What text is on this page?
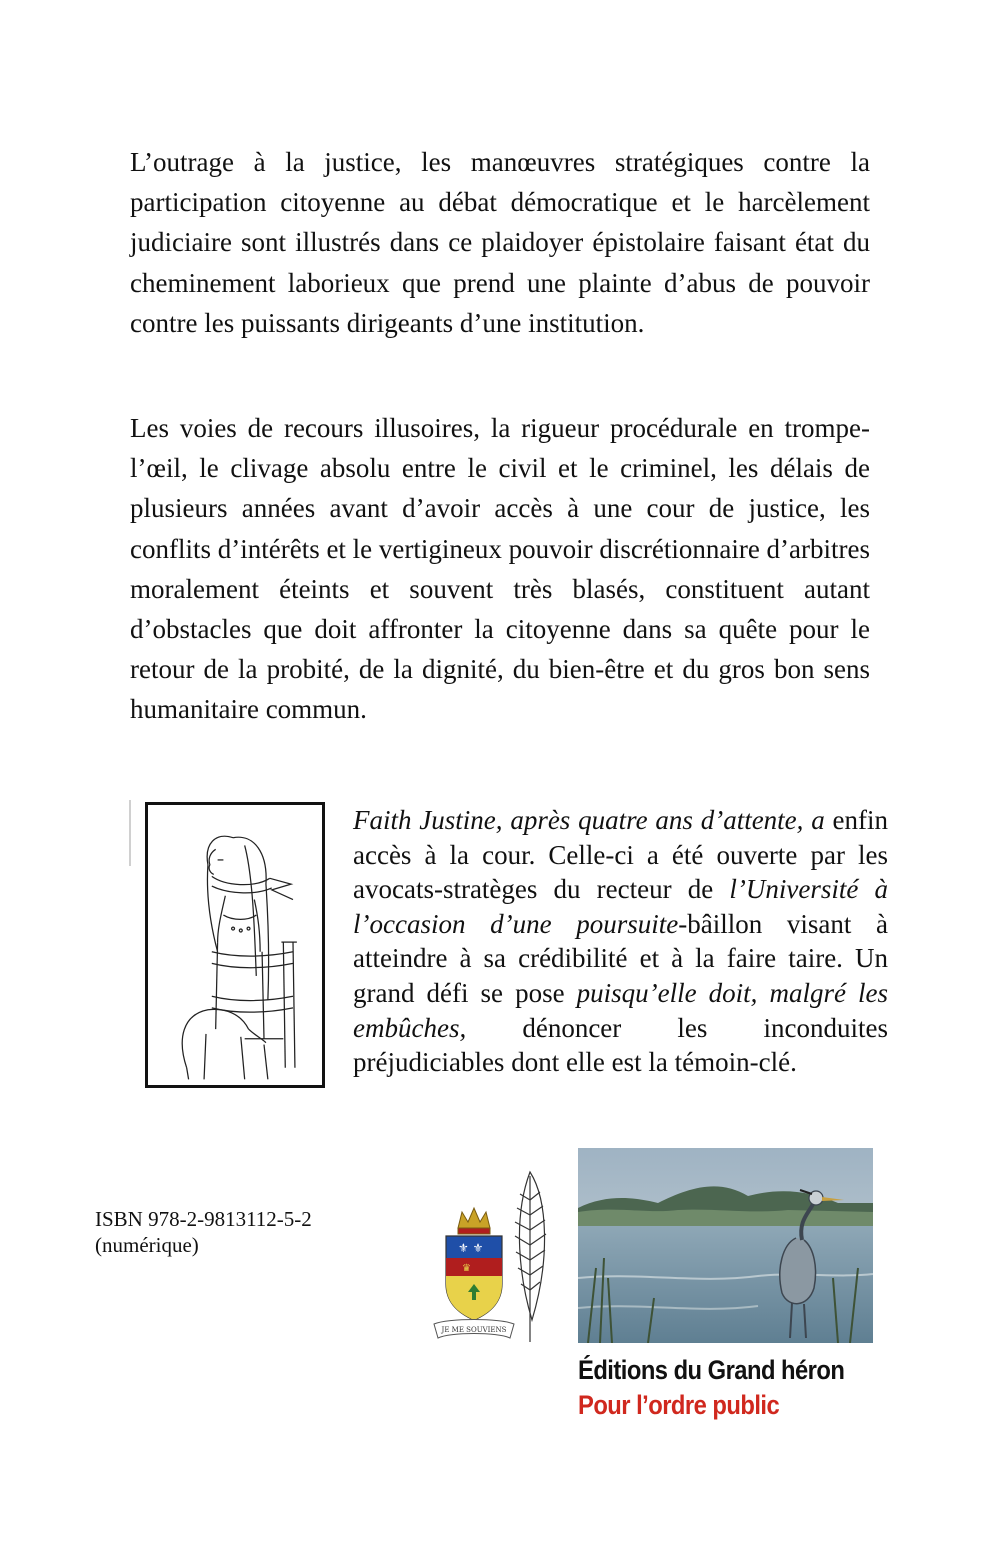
L’outrage à la justice, les manœuvres stratégiques contre la participation citoyenne au débat démocratique et le harcèlement judiciaire sont illustrés dans ce plaidoyer épistolaire faisant état du cheminement laborieux que prend une plainte d’abus de pouvoir contre les puissants dirigeants d’une institution.

Les voies de recours illusoires, la rigueur procédurale en trompe-l’œil, le clivage absolu entre le civil et le criminel, les délais de plusieurs années avant d’avoir accès à une cour de justice, les conflits d’intérêts et le vertigineux pouvoir discrétionnaire d’arbitres moralement éteints et souvent très blasés, constituent autant d’obstacles que doit affronter la citoyenne dans sa quête pour le retour de la probité, de la dignité, du bien-être et du gros bon sens humanitaire commun.

Faith Justine, après quatre ans d’attente, a enfin accès à la cour. Celle-ci a été ouverte par les avocats-stratèges du recteur de l’Université à l’occasion d’une poursuite-bâillon visant à atteindre à sa crédibilité et à la faire taire. Un grand défi se pose puisqu’elle doit, malgré les embûches, dénoncer les inconduites préjudiciables dont elle est la témoin-clé.
ISBN 978-2-9813112-5-2
(numérique)	⚜ ⚜
♛
JE ME SOUVIENS
Éditions du Grand héron
Pour l’ordre public
